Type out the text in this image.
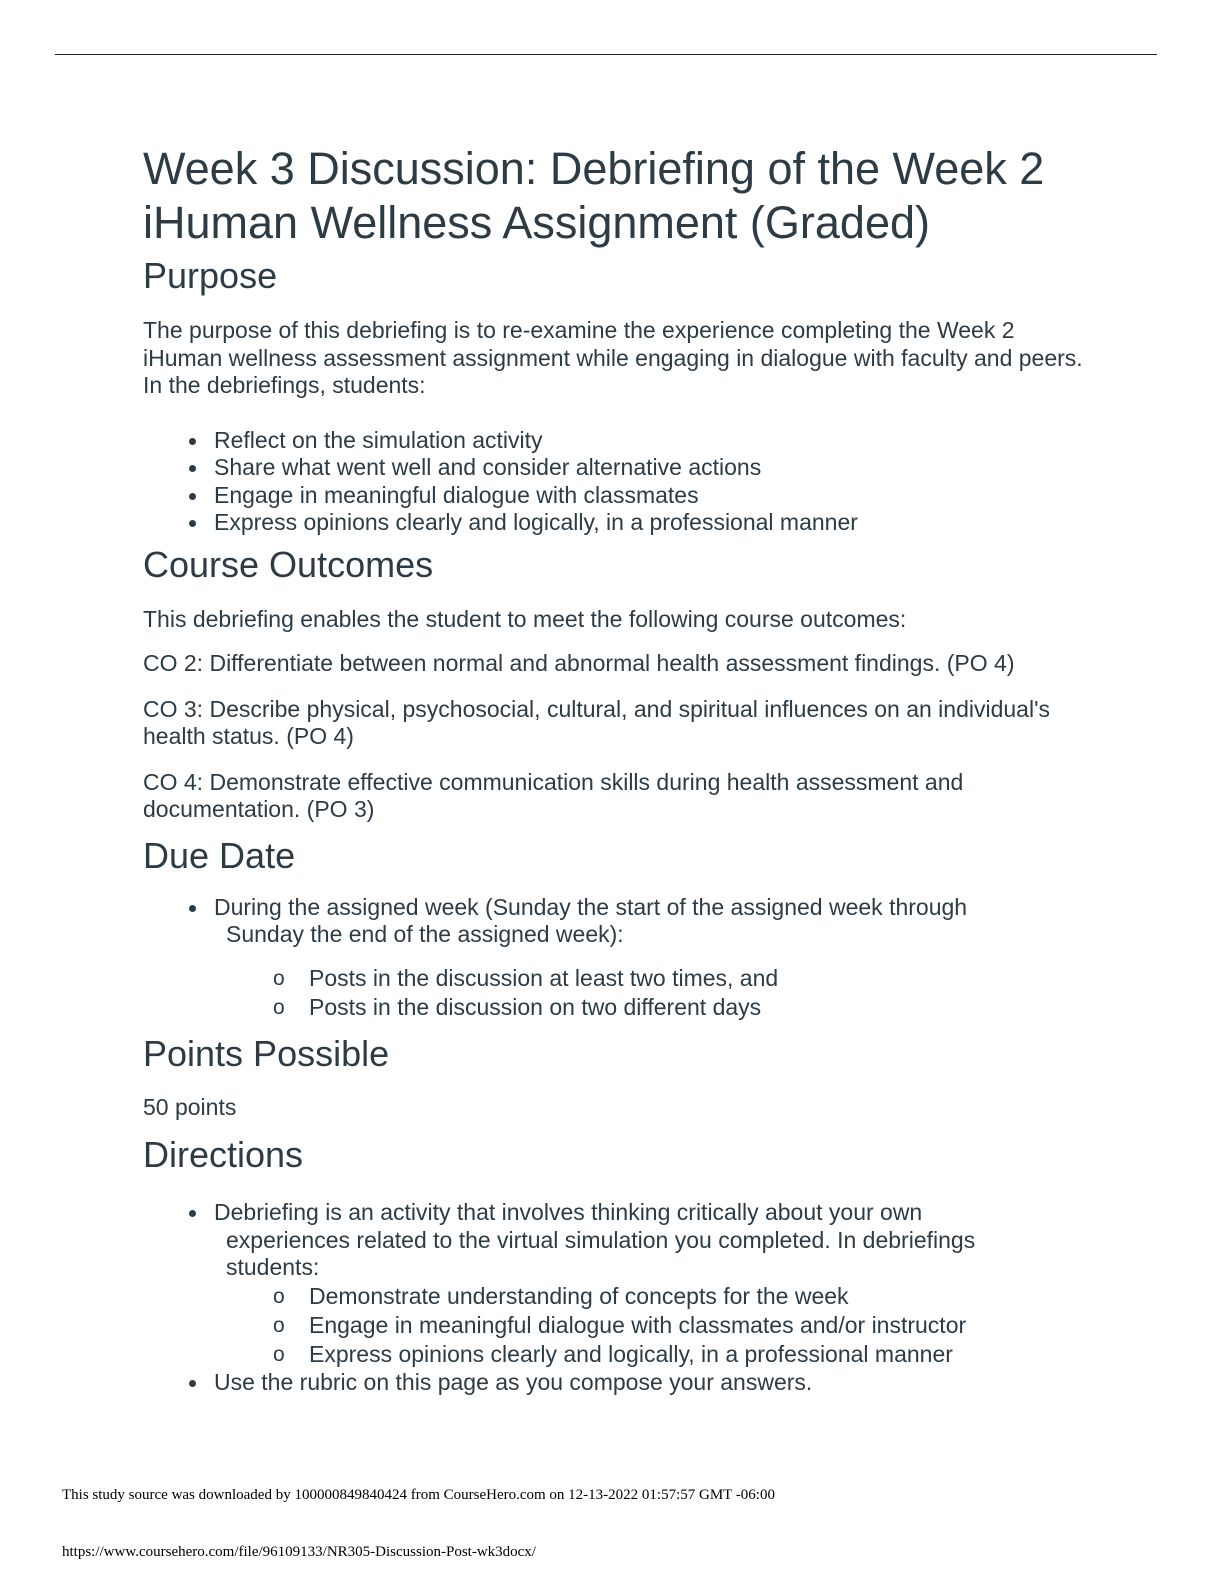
Week 3 Discussion: Debriefing of the Week 2
iHuman Wellness Assignment (Graded)
Purpose

The purpose of this debriefing is to re-examine the experience completing the Week 2 iHuman wellness assessment assignment while engaging in dialogue with faculty and peers. In the debriefings, students:

Reflect on the simulation activity
Share what went well and consider alternative actions
Engage in meaningful dialogue with classmates
Express opinions clearly and logically, in a professional manner
Course Outcomes

This debriefing enables the student to meet the following course outcomes:

CO 2: Differentiate between normal and abnormal health assessment findings. (PO 4)

CO 3: Describe physical, psychosocial, cultural, and spiritual influences on an individual's health status. (PO 4)

CO 4: Demonstrate effective communication skills during health assessment and documentation. (PO 3)

Due Date
During the assigned week (Sunday the start of the assigned week through
Sunday the end of the assigned week):
o Posts in the discussion at least two times, and
o Posts in the discussion on two different days
Points Possible

50 points

Directions
Debriefing is an activity that involves thinking critically about your own
experiences related to the virtual simulation you completed. In debriefings
students:
o Demonstrate understanding of concepts for the week
o Engage in meaningful dialogue with classmates and/or instructor
o Express opinions clearly and logically, in a professional manner
Use the rubric on this page as you compose your answers.
This study source was downloaded by 100000849840424 from CourseHero.com on 12-13-2022 01:57:57 GMT -06:00
https://www.coursehero.com/file/96109133/NR305-Discussion-Post-wk3docx/
